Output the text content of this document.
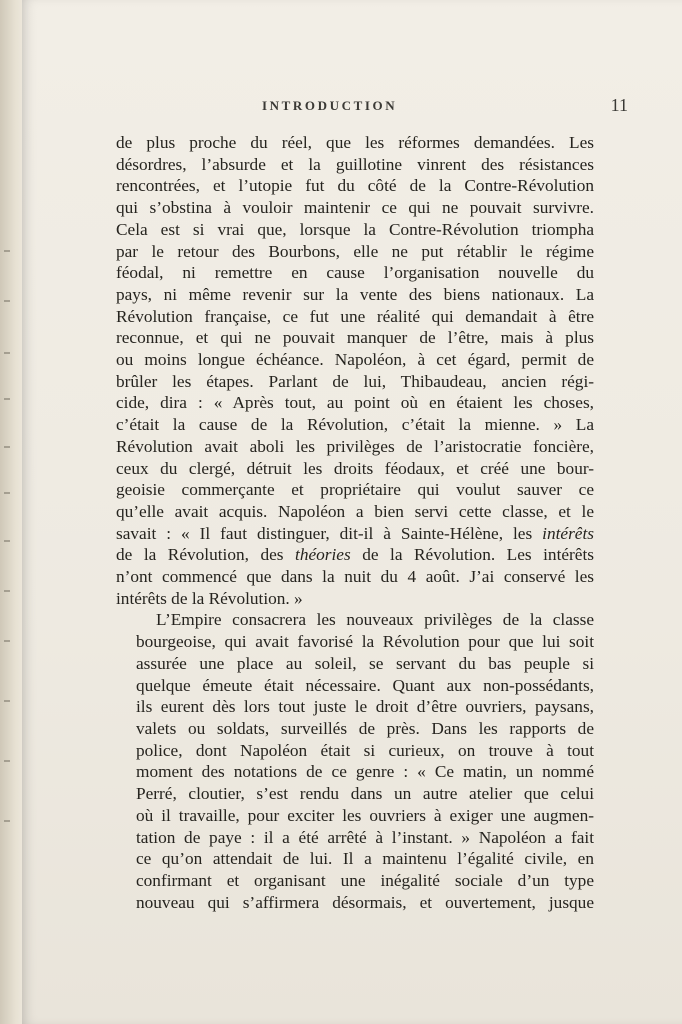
INTRODUCTION	11

de plus proche du réel, que les réformes demandées. Les
désordres, l’absurde et la guillotine vinrent des résistances
rencontrées, et l’utopie fut du côté de la Contre-Révolution
qui s’obstina à vouloir maintenir ce qui ne pouvait survivre.
Cela est si vrai que, lorsque la Contre-Révolution triompha
par le retour des Bourbons, elle ne put rétablir le régime
féodal, ni remettre en cause l’organisation nouvelle du
pays, ni même revenir sur la vente des biens nationaux. La
Révolution française, ce fut une réalité qui demandait à être
reconnue, et qui ne pouvait manquer de l’être, mais à plus
ou moins longue échéance. Napoléon, à cet égard, permit de
brûler les étapes. Parlant de lui, Thibaudeau, ancien régi-
cide, dira : « Après tout, au point où en étaient les choses,
c’était la cause de la Révolution, c’était la mienne. » La
Révolution avait aboli les privilèges de l’aristocratie foncière,
ceux du clergé, détruit les droits féodaux, et créé une bour-
geoisie commerçante et propriétaire qui voulut sauver ce
qu’elle avait acquis. Napoléon a bien servi cette classe, et le
savait : « Il faut distinguer, dit-il à Sainte-Hélène, les intérêts
de la Révolution, des théories de la Révolution. Les intérêts
n’ont commencé que dans la nuit du 4 août. J’ai conservé les
intérêts de la Révolution. »

L’Empire consacrera les nouveaux privilèges de la classe
bourgeoise, qui avait favorisé la Révolution pour que lui soit
assurée une place au soleil, se servant du bas peuple si
quelque émeute était nécessaire. Quant aux non-possédants,
ils eurent dès lors tout juste le droit d’être ouvriers, paysans,
valets ou soldats, surveillés de près. Dans les rapports de
police, dont Napoléon était si curieux, on trouve à tout
moment des notations de ce genre : « Ce matin, un nommé
Perré, cloutier, s’est rendu dans un autre atelier que celui
où il travaille, pour exciter les ouvriers à exiger une augmen-
tation de paye : il a été arrêté à l’instant. » Napoléon a fait
ce qu’on attendait de lui. Il a maintenu l’égalité civile, en
confirmant et organisant une inégalité sociale d’un type
nouveau qui s’affirmera désormais, et ouvertement, jusque
